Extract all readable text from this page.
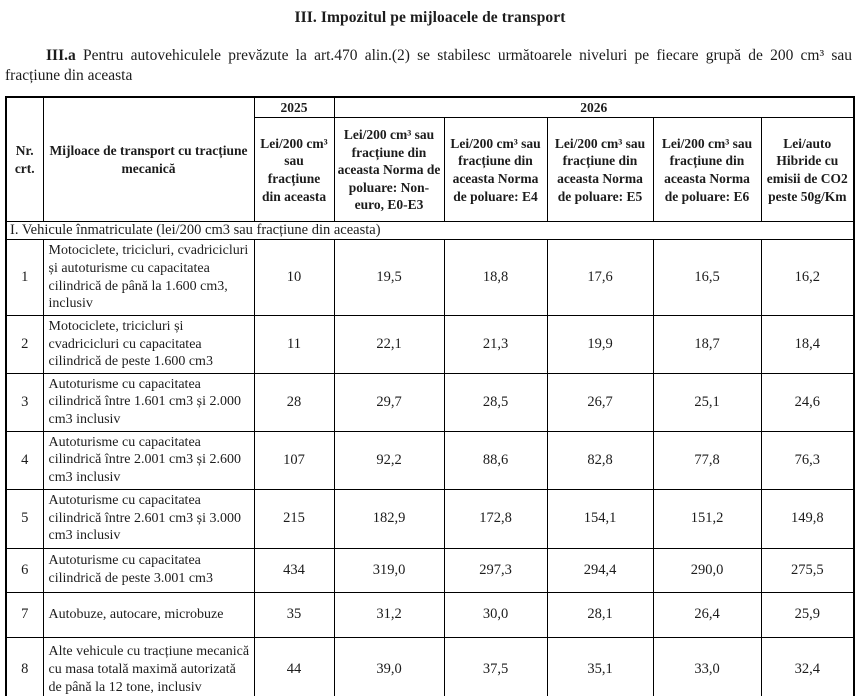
III. Impozitul pe mijloacele de transport

III.a Pentru autovehiculele prevăzute la art.470 alin.(2) se stabilesc următoarele niveluri pe fiecare grupă de 200 cm³ sau fracțiune din aceasta

Nr. crt.	Mijloace de transport cu tracțiune mecanică	2025	2026				
		Lei/200 cm³ sau fracțiune din aceasta	Lei/200 cm³ sau fracțiune din aceasta Norma de poluare: Non-euro, E0-E3	Lei/200 cm³ sau fracțiune din aceasta Norma de poluare: E4	Lei/200 cm³ sau fracțiune din aceasta Norma de poluare: E5	Lei/200 cm³ sau fracțiune din aceasta Norma de poluare: E6	Lei/auto Hibride cu emisii de CO2 peste 50g/Km
I. Vehicule înmatriculate (lei/200 cm3 sau fracțiune din aceasta)							
1	Motociclete, tricicluri, cvadricicluri și autoturisme cu capacitatea cilindrică de până la 1.600 cm3, inclusiv	10	19,5	18,8	17,6	16,5	16,2
2	Motociclete, tricicluri și cvadricicluri cu capacitatea cilindrică de peste 1.600 cm3	11	22,1	21,3	19,9	18,7	18,4
3	Autoturisme cu capacitatea cilindrică între 1.601 cm3 și 2.000 cm3 inclusiv	28	29,7	28,5	26,7	25,1	24,6
4	Autoturisme cu capacitatea cilindrică între 2.001 cm3 și 2.600 cm3 inclusiv	107	92,2	88,6	82,8	77,8	76,3
5	Autoturisme cu capacitatea cilindrică între 2.601 cm3 și 3.000 cm3 inclusiv	215	182,9	172,8	154,1	151,2	149,8
6	Autoturisme cu capacitatea cilindrică de peste 3.001 cm3	434	319,0	297,3	294,4	290,0	275,5
7	Autobuze, autocare, microbuze	35	31,2	30,0	28,1	26,4	25,9
8	Alte vehicule cu tracțiune mecanică cu masa totală maximă autorizată de până la 12 tone, inclusiv	44	39,0	37,5	35,1	33,0	32,4
